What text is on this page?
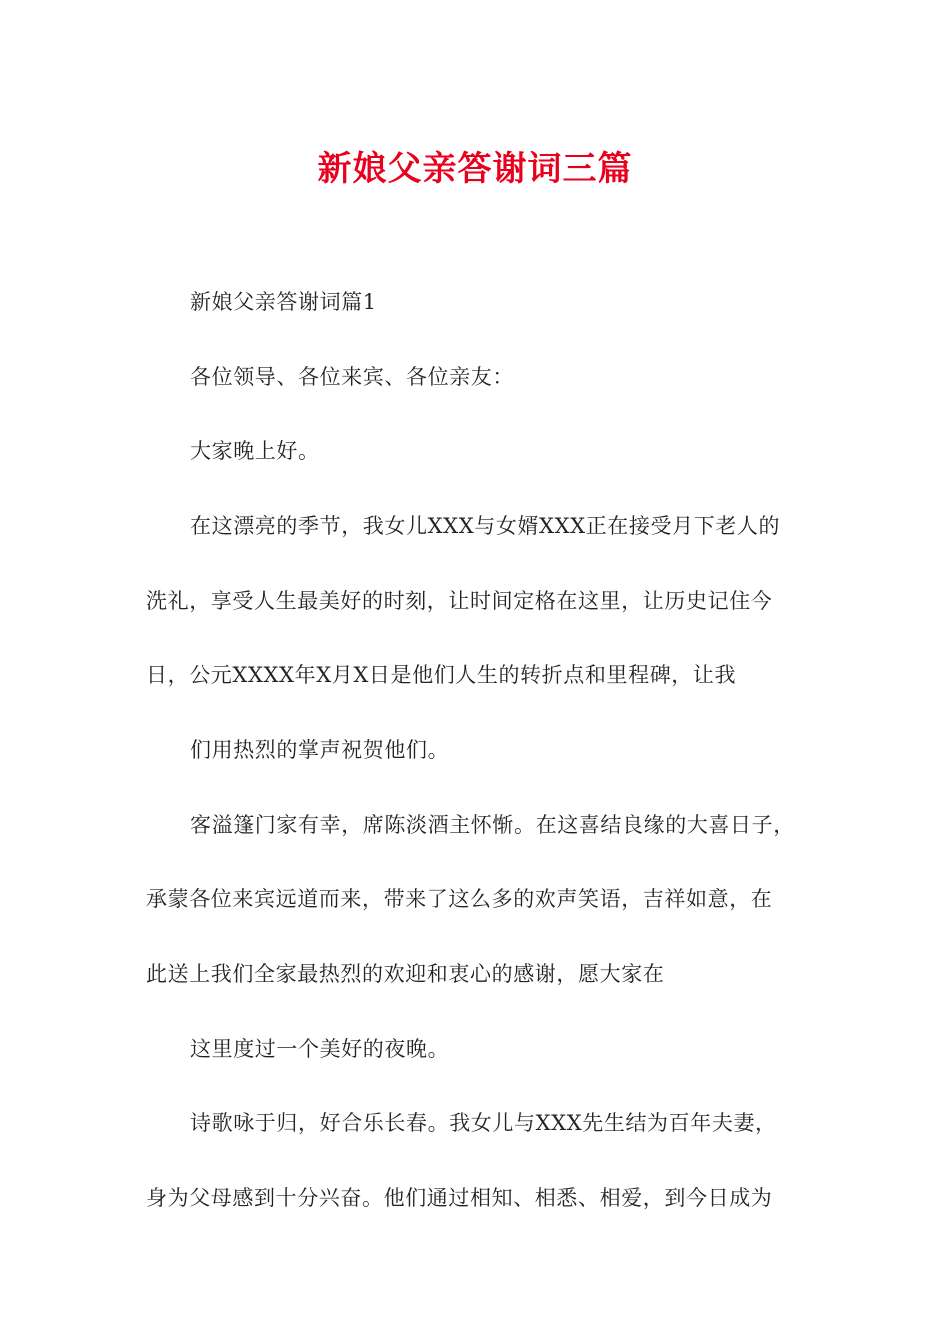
新娘父亲答谢词三篇

新娘父亲答谢词篇1

各位领导、各位来宾、各位亲友：

大家晚上好。

在这漂亮的季节，我女儿XXX与女婿XXX正在接受月下老人的

洗礼，享受人生最美好的时刻，让时间定格在这里，让历史记住今

日，公元XXXX年X月X日是他们人生的转折点和里程碑，让我

们用热烈的掌声祝贺他们。

客溢篷门家有幸，席陈淡酒主怀惭。在这喜结良缘的大喜日子，

承蒙各位来宾远道而来，带来了这么多的欢声笑语，吉祥如意，在

此送上我们全家最热烈的欢迎和衷心的感谢，愿大家在

这里度过一个美好的夜晚。

诗歌咏于归，好合乐长春。我女儿与XXX先生结为百年夫妻，

身为父母感到十分兴奋。他们通过相知、相悉、相爱，到今日成为
